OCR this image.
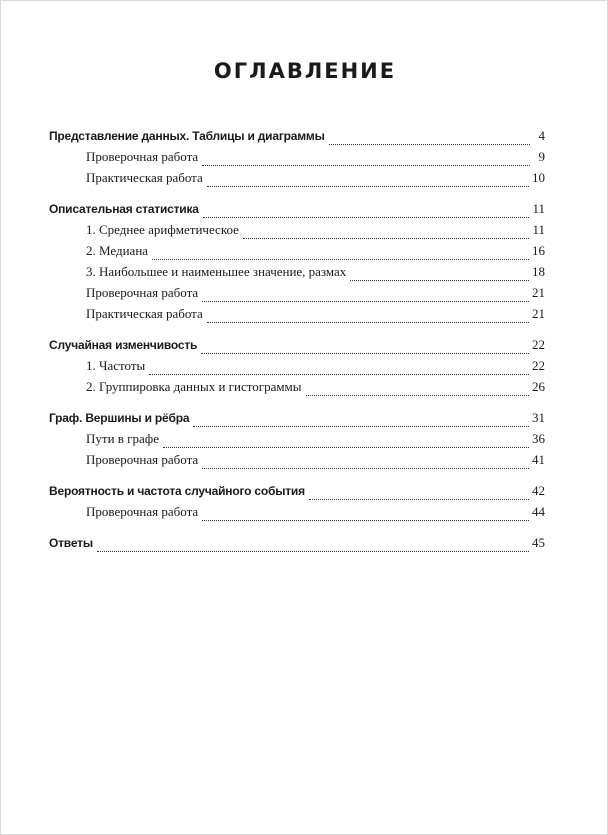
ОГЛАВЛЕНИЕ
Представление данных. Таблицы и диаграммы	4
Проверочная работа	9
Практическая работа	10
Описательная статистика	11
1. Среднее арифметическое	11
2. Медиана	16
3. Наибольшее и наименьшее значение, размах	18
Проверочная работа	21
Практическая работа	21
Случайная изменчивость	22
1. Частоты	22
2. Группировка данных и гистограммы	26
Граф. Вершины и рёбра	31
Пути в графе	36
Проверочная работа	41
Вероятность и частота случайного события	42
Проверочная работа	44
Ответы	45
